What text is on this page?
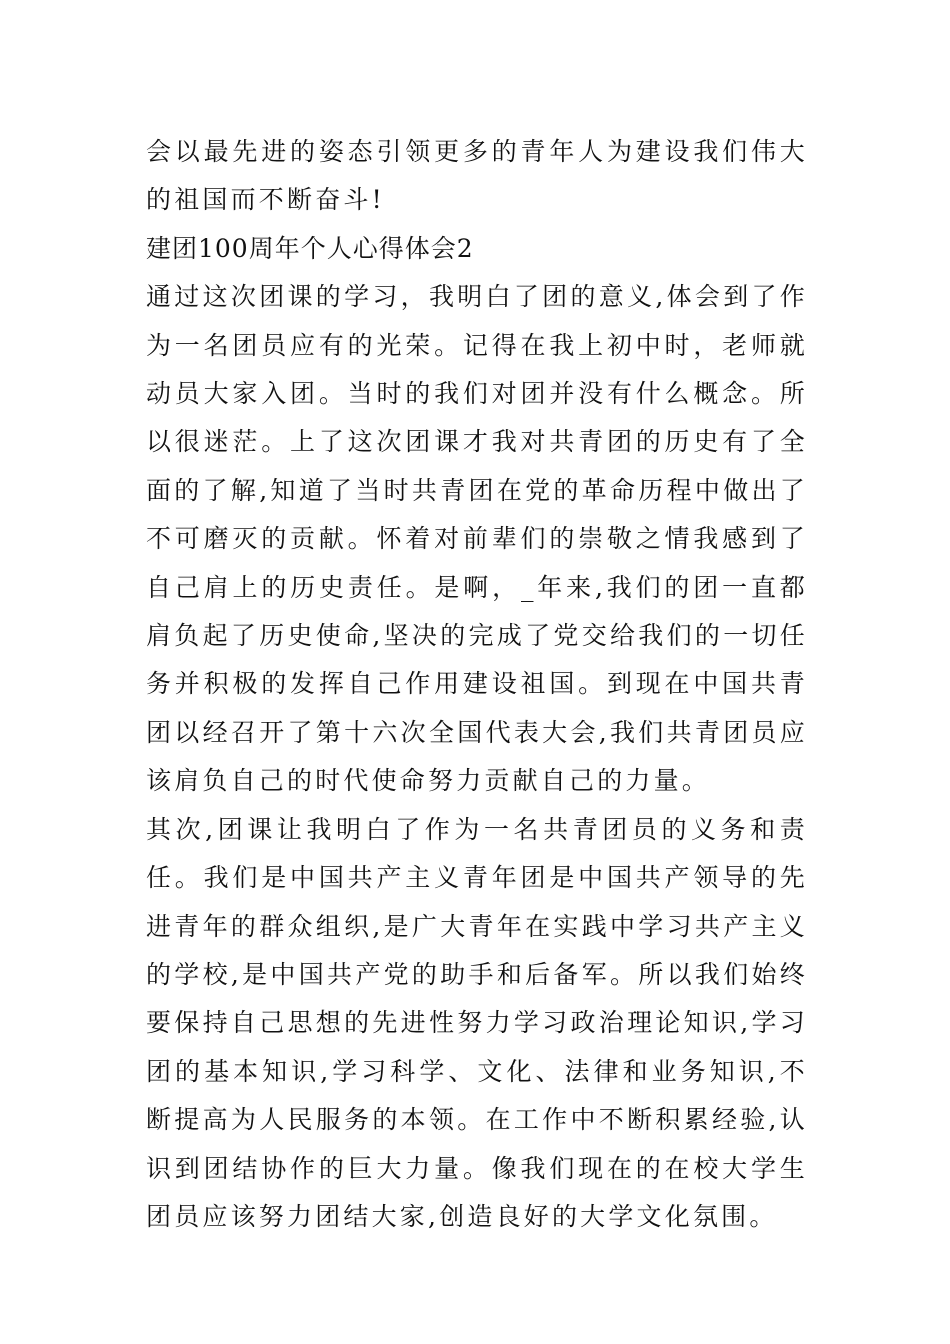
会以最先进的姿态引领更多的青年人为建设我们伟大的祖国而不断奋斗!

建团100周年个人心得体会2

通过这次团课的学习，我明白了团的意义,体会到了作为一名团员应有的光荣。记得在我上初中时，老师就动员大家入团。当时的我们对团并没有什么概念。所以很迷茫。上了这次团课才我对共青团的历史有了全面的了解,知道了当时共青团在党的革命历程中做出了不可磨灭的贡献。怀着对前辈们的崇敬之情我感到了自己肩上的历史责任。是啊，_年来,我们的团一直都肩负起了历史使命,坚决的完成了党交给我们的一切任务并积极的发挥自己作用建设祖国。到现在中国共青团以经召开了第十六次全国代表大会,我们共青团员应该肩负自己的时代使命努力贡献自己的力量。

其次,团课让我明白了作为一名共青团员的义务和责任。我们是中国共产主义青年团是中国共产领导的先进青年的群众组织,是广大青年在实践中学习共产主义的学校,是中国共产党的助手和后备军。所以我们始终要保持自己思想的先进性努力学习政治理论知识,学习团的基本知识,学习科学、文化、法律和业务知识,不断提高为人民服务的本领。在工作中不断积累经验,认识到团结协作的巨大力量。像我们现在的在校大学生团员应该努力团结大家,创造良好的大学文化氛围。
